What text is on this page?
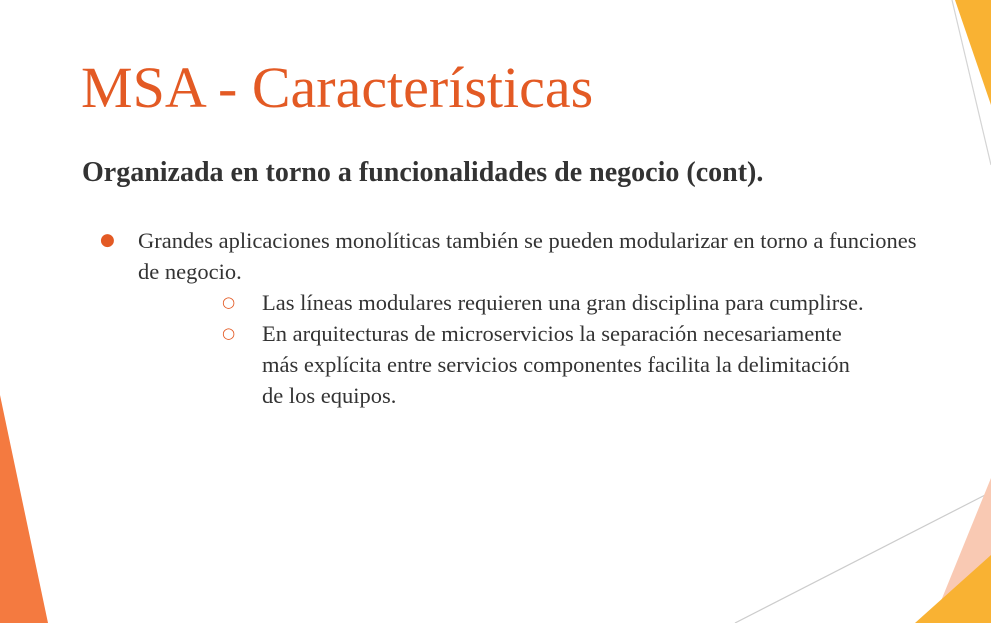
MSA - Características
Organizada en torno a funcionalidades de negocio (cont).
● Grandes aplicaciones monolíticas también se pueden modularizar en torno a funciones de negocio.
○ Las líneas modulares requieren una gran disciplina para cumplirse.
○ En arquitecturas de microservicios la separación necesariamente más explícita entre servicios componentes facilita la delimitación de los equipos.
